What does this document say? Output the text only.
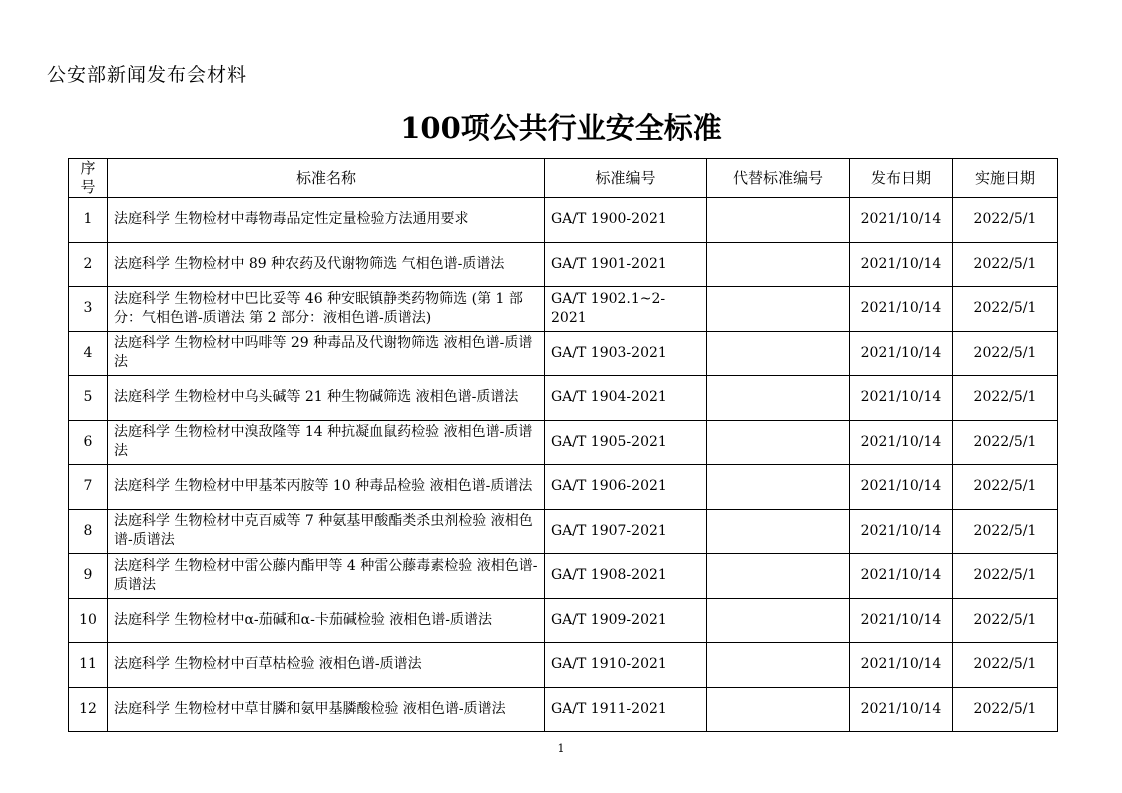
公安部新闻发布会材料
100项公共行业安全标准
序号	标准名称	标准编号	代替标准编号	发布日期	实施日期
1	法庭科学 生物检材中毒物毒品定性定量检验方法通用要求	GA/T 1900-2021		2021/10/14	2022/5/1
2	法庭科学 生物检材中 89 种农药及代谢物筛选 气相色谱-质谱法	GA/T 1901-2021		2021/10/14	2022/5/1
3	法庭科学 生物检材中巴比妥等 46 种安眠镇静类药物筛选 (第 1 部分：气相色谱-质谱法 第 2 部分：液相色谱-质谱法)	GA/T 1902.1~2-2021		2021/10/14	2022/5/1
4	法庭科学 生物检材中吗啡等 29 种毒品及代谢物筛选 液相色谱-质谱法	GA/T 1903-2021		2021/10/14	2022/5/1
5	法庭科学 生物检材中乌头碱等 21 种生物碱筛选 液相色谱-质谱法	GA/T 1904-2021		2021/10/14	2022/5/1
6	法庭科学 生物检材中溴敌隆等 14 种抗凝血鼠药检验 液相色谱-质谱法	GA/T 1905-2021		2021/10/14	2022/5/1
7	法庭科学 生物检材中甲基苯丙胺等 10 种毒品检验 液相色谱-质谱法	GA/T 1906-2021		2021/10/14	2022/5/1
8	法庭科学 生物检材中克百威等 7 种氨基甲酸酯类杀虫剂检验 液相色谱-质谱法	GA/T 1907-2021		2021/10/14	2022/5/1
9	法庭科学 生物检材中雷公藤内酯甲等 4 种雷公藤毒素检验 液相色谱-质谱法	GA/T 1908-2021		2021/10/14	2022/5/1
10	法庭科学 生物检材中α-茄碱和α-卡茄碱检验 液相色谱-质谱法	GA/T 1909-2021		2021/10/14	2022/5/1
11	法庭科学 生物检材中百草枯检验 液相色谱-质谱法	GA/T 1910-2021		2021/10/14	2022/5/1
12	法庭科学 生物检材中草甘膦和氨甲基膦酸检验 液相色谱-质谱法	GA/T 1911-2021		2021/10/14	2022/5/1
1
